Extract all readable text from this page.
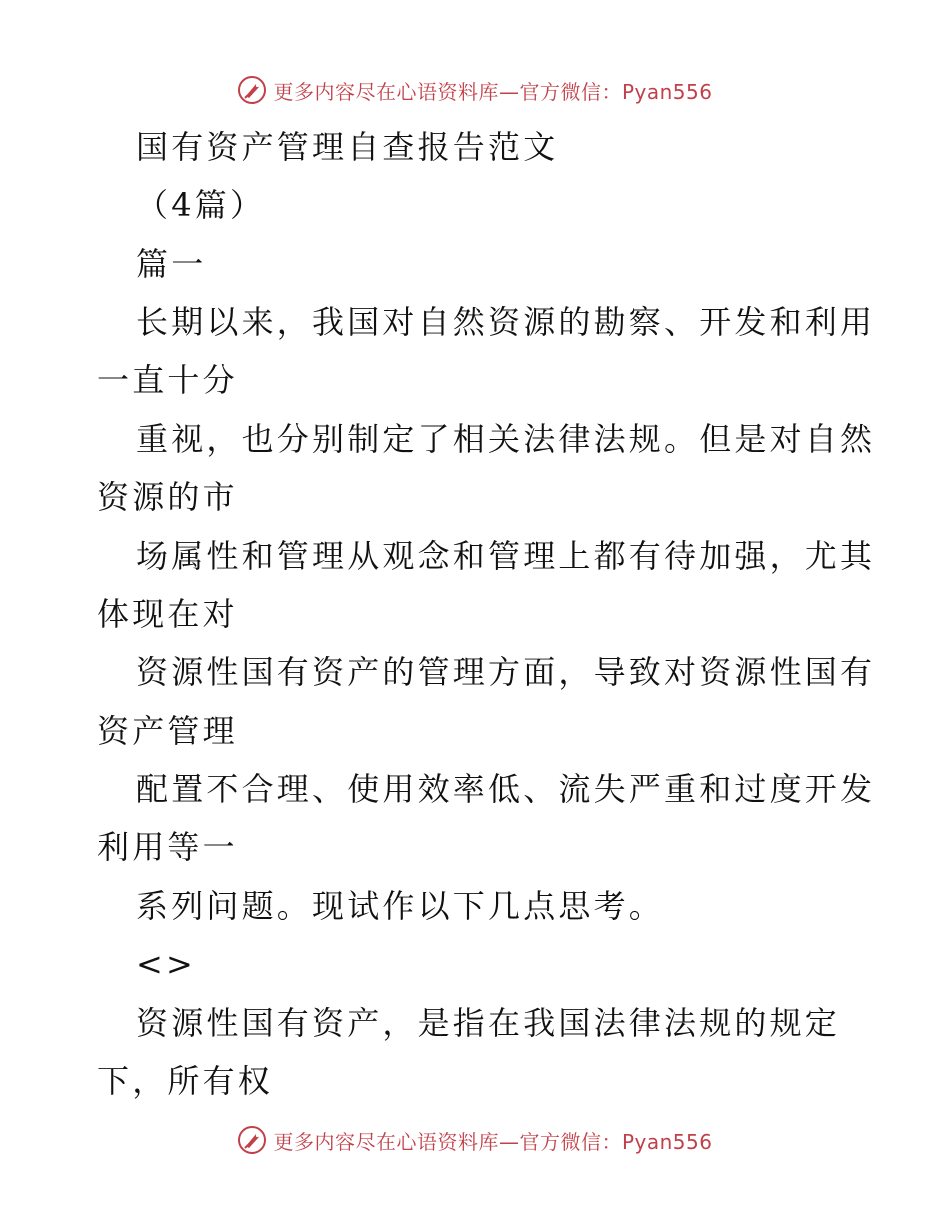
更多内容尽在心语资料库—官方微信：Pyan556
国有资产管理自查报告范文
（4篇）
篇一
长期以来，我国对自然资源的勘察、开发和利用
一直十分
重视，也分别制定了相关法律法规。但是对自然
资源的市
场属性和管理从观念和管理上都有待加强，尤其
体现在对
资源性国有资产的管理方面，导致对资源性国有
资产管理
配置不合理、使用效率低、流失严重和过度开发
利用等一
系列问题。现试作以下几点思考。
<>
资源性国有资产，是指在我国法律法规的规定
下，所有权
更多内容尽在心语资料库—官方微信：Pyan556
